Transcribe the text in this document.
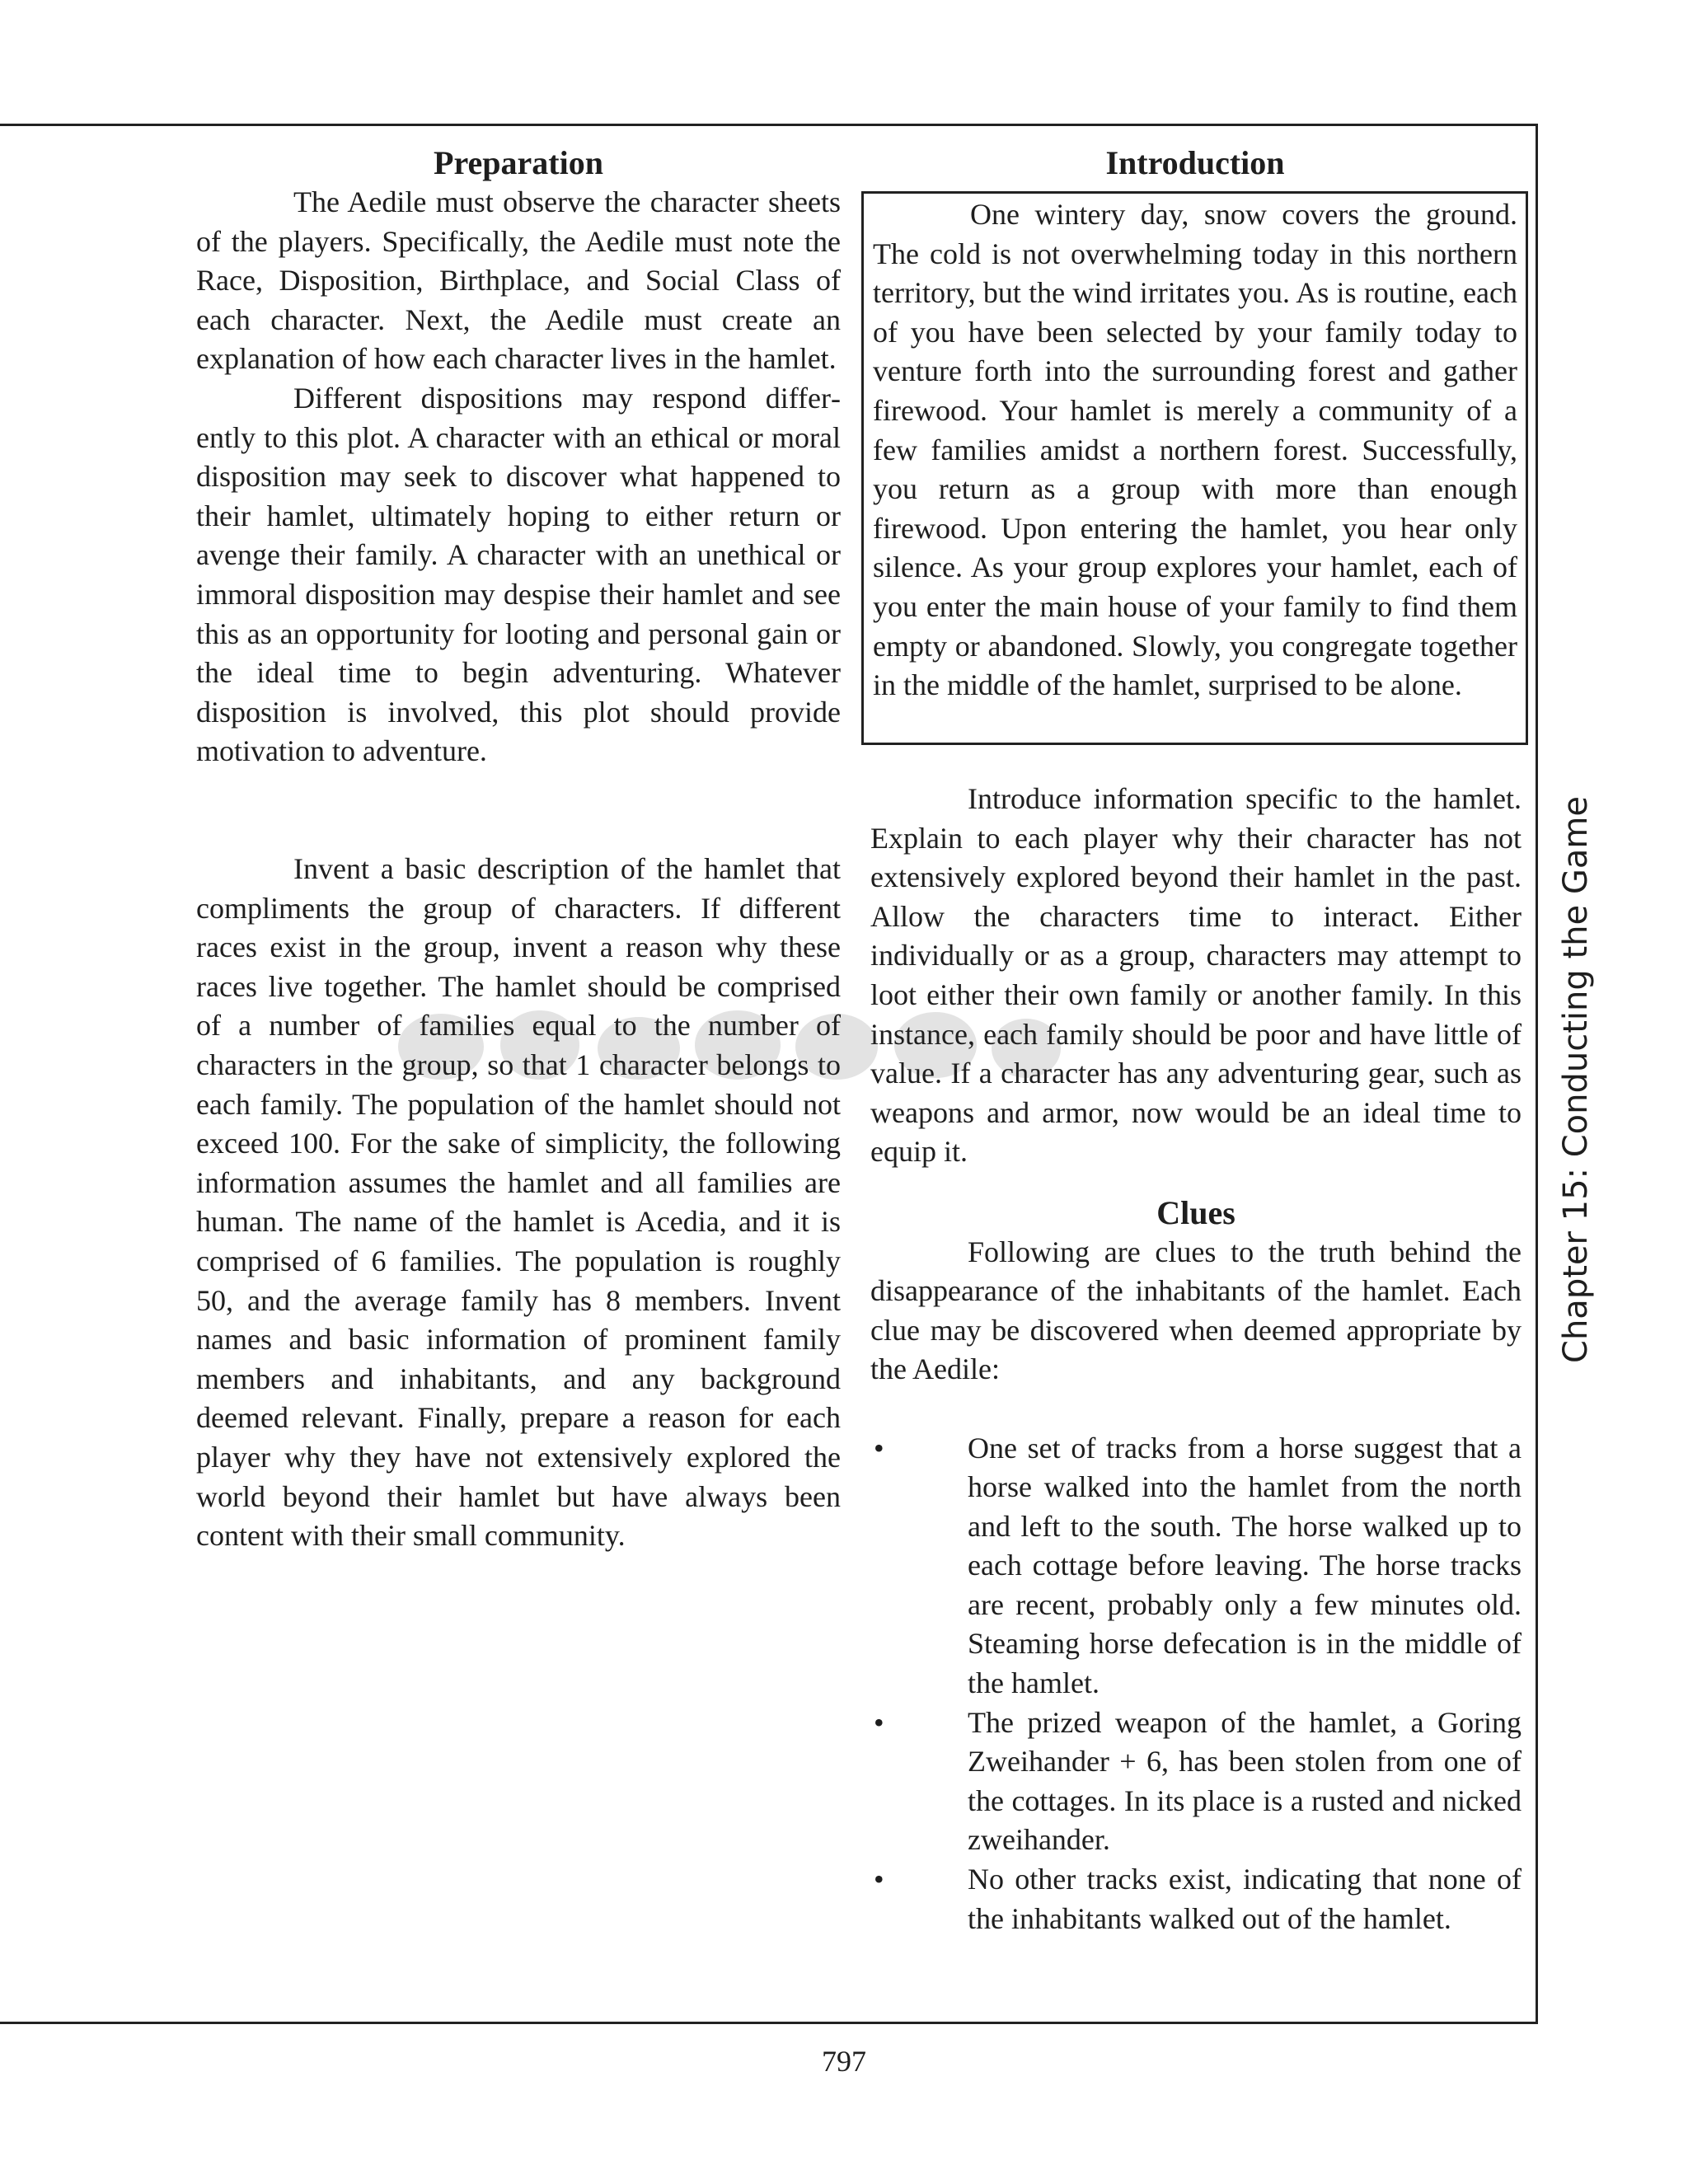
Preparation	Introduction

The Aedile must observe the character sheets of the players. Specifically, the Aedile must note the Race, Disposition, Birthplace, and Social Class of each character. Next, the Aedile must create an explanation of how each character lives in the hamlet.

Different dispositions may respond differently to this plot. A character with an ethical or moral disposition may seek to discover what happened to their hamlet, ultimately hoping to either return or avenge their family. A character with an unethical or immoral disposition may despise their hamlet and see this as an opportunity for looting and personal gain or the ideal time to begin adventuring. Whatever disposition is involved, this plot should provide motivation to adventure.

Invent a basic description of the hamlet that compliments the group of characters. If different races exist in the group, invent a reason why these races live together. The hamlet should be comprised of a number of families equal to the number of characters in the group, so that 1 character belongs to each family. The population of the hamlet should not exceed 100. For the sake of simplicity, the following information assumes the hamlet and all families are human. The name of the hamlet is Acedia, and it is comprised of 6 families. The population is roughly 50, and the average family has 8 members. Invent names and basic information of prominent family members and inhabitants, and any background deemed relevant. Finally, prepare a reason for each player why they have not extensively explored the world beyond their hamlet but have always been content with their small community.

One wintery day, snow covers the ground. The cold is not overwhelming today in this northern territory, but the wind irritates you. As is routine, each of you have been selected by your family today to venture forth into the surrounding forest and gather firewood. Your hamlet is merely a community of a few families amidst a northern forest. Successfully, you return as a group with more than enough firewood. Upon entering the hamlet, you hear only silence. As your group explores your hamlet, each of you enter the main house of your family to find them empty or abandoned. Slowly, you congregate together in the middle of the hamlet, surprised to be alone.

Introduce information specific to the hamlet. Explain to each player why their character has not extensively explored beyond their hamlet in the past. Allow the characters time to interact. Either individually or as a group, characters may attempt to loot either their own family or another family. In this instance, each family should be poor and have little of value. If a character has any adventuring gear, such as weapons and armor, now would be an ideal time to equip it.

Clues

Following are clues to the truth behind the disappearance of the inhabitants of the hamlet. Each clue may be discovered when deemed appropriate by the Aedile:

•	One set of tracks from a horse suggest that a horse walked into the hamlet from the north and left to the south. The horse walked up to each cottage before leaving. The horse tracks are recent, probably only a few minutes old. Steaming horse defecation is in the middle of the hamlet.

•	The prized weapon of the hamlet, a Goring Zweihander + 6, has been stolen from one of the cottages. In its place is a rusted and nicked zweihander.

•	No other tracks exist, indicating that none of the inhabitants walked out of the hamlet.

Chapter 15: Conducting the Game
797
